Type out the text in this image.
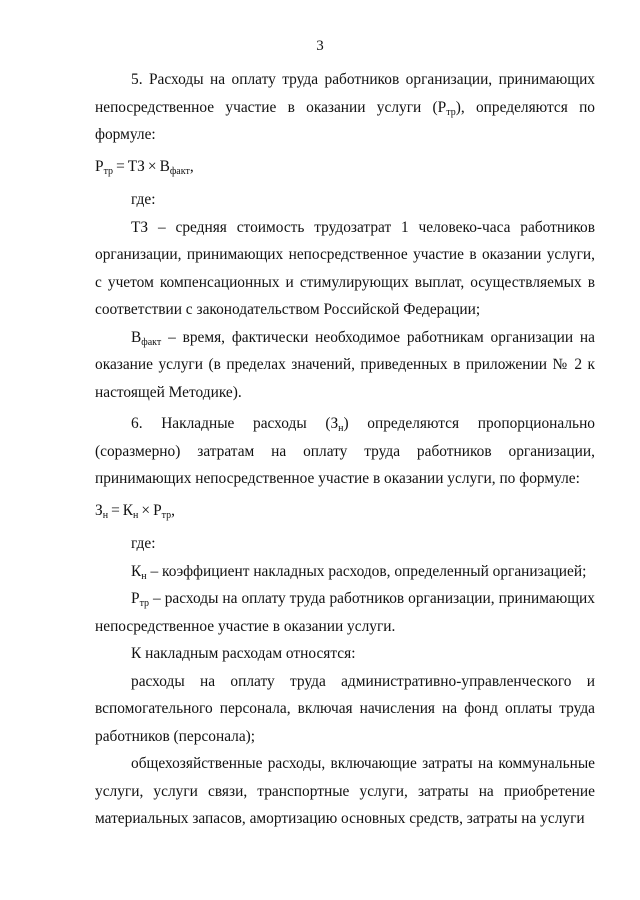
3

5. Расходы на оплату труда работников организации, принимающих непосредственное участие в оказании услуги $(Р_{тр})$, определяются по формуле:

$Р_{тр}$ = ТЗ × $В_{факт}$,

где:

ТЗ – средняя стоимость трудозатрат 1 человеко-часа работников организации, принимающих непосредственное участие в оказании услуги, с учетом компенсационных и стимулирующих выплат, осуществляемых в соответствии с законодательством Российской Федерации;

$В_{факт}$ – время, фактически необходимое работникам организации на оказание услуги (в пределах значений, приведенных в приложении № 2 к настоящей Методике).

6. Накладные расходы $(З_н)$ определяются пропорционально (соразмерно) затратам на оплату труда работников организации, принимающих непосредственное участие в оказании услуги, по формуле:

$З_н = К_н \times Р_{тр}$,

где:

$К_н$ – коэффициент накладных расходов, определенный организацией;

$Р_{тр}$ – расходы на оплату труда работников организации, принимающих непосредственное участие в оказании услуги.

К накладным расходам относятся:

расходы на оплату труда административно-управленческого и вспомогательного персонала, включая начисления на фонд оплаты труда работников (персонала);

общехозяйственные расходы, включающие затраты на коммунальные услуги, услуги связи, транспортные услуги, затраты на приобретение материальных запасов, амортизацию основных средств, затраты на услуги
